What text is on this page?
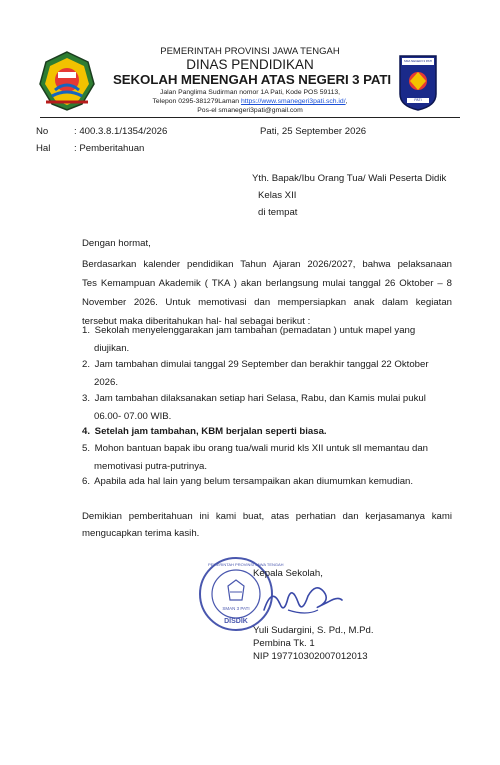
PEMERINTAH PROVINSI JAWA TENGAH
DINAS PENDIDIKAN
SEKOLAH MENENGAH ATAS NEGERI 3 PATI
Jalan Panglima Sudirman nomor 1A Pati, Kode POS 59113,
Telepon 0295-381279Laman https://www.smanegeri3pati.sch.id/,
Pos-el smanegeri3pati@gmail.com
SMA NEGERI 3 PATI
PATI
No	: 400.3.8.1/1354/2026	Pati, 25 September 2026
Hal : Pemberitahuan
Yth. Bapak/Ibu Orang Tua/ Wali Peserta Didik
Kelas XII
di tempat
Dengan hormat,
Berdasarkan kalender pendidikan Tahun Ajaran 2026/2027, bahwa pelaksanaan
Tes Kemampuan Akademik ( TKA ) akan berlangsung mulai tanggal 26 Oktober – 8
November 2026. Untuk memotivasi dan mempersiapkan anak dalam kegiatan
tersebut maka diberitahukan hal- hal sebagai berikut :
1. Sekolah menyelenggarakan jam tambahan (pemadatan ) untuk mapel yang
diujikan.
2. Jam tambahan dimulai tanggal 29 September dan berakhir tanggal 22 Oktober
2026.
3. Jam tambahan dilaksanakan setiap hari Selasa, Rabu, dan Kamis mulai pukul
06.00- 07.00 WIB.
4. Setelah jam tambahan, KBM berjalan seperti biasa.
5. Mohon bantuan bapak ibu orang tua/wali murid kls XII untuk sll memantau dan
memotivasi putra-putrinya.
6. Apabila ada hal lain yang belum tersampaikan akan diumumkan kemudian.
Demikian pemberitahuan ini kami buat, atas perhatian dan kerjasamanya kami
mengucapkan terima kasih.
PEMERINTAH PROVINSI JAWA TENGAH
SMAN 3 PATI
DISDIK
Kepala Sekolah,
Yuli Sudargini, S. Pd., M.Pd.
Pembina Tk. 1
NIP 197710302007012013
